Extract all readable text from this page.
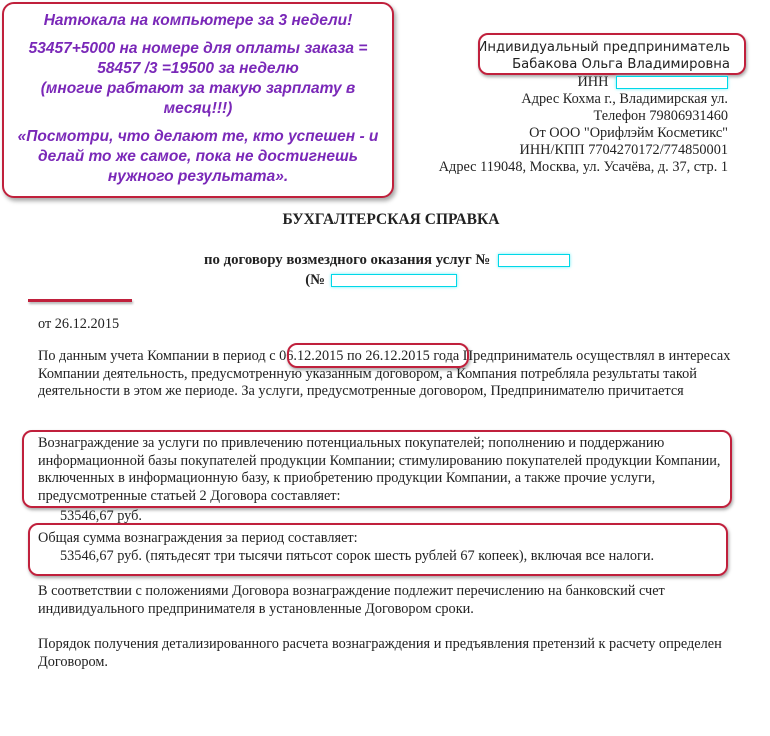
Натюкала на компьютере за 3 недели!

53457+5000 на номере для оплаты заказа = 58457 /3 =19500 за неделю

(многие рабтают за такую зарплату в месяц!!!)

«Посмотри, что делают те, кто успешен - и делай то же самое, пока не достигнешь нужного результата».

Индивидуальный предприниматель
Бабакова Ольга Владимировна
ИНН
Адрес Кохма г., Владимирская ул.
Телефон 79806931460
От ООО "Орифлэйм Косметикс"
ИНН/КПП 7704270172/774850001
Адрес 119048, Москва, ул. Усачёва, д. 37, стр. 1
БУХГАЛТЕРСКАЯ СПРАВКА
по договору возмездного оказания услуг №
(№
от 26.12.2015
По данным учета Компании в период с 06.12.2015 по 26.12.2015 года Предприниматель осуществлял в интересах Компании деятельность, предусмотренную указанным договором, а Компания потребляла результаты такой деятельности в этом же периоде. За услуги, предусмотренные договором, Предпринимателю причитается
Вознаграждение за услуги по привлечению потенциальных покупателей; пополнению и поддержанию информационной базы покупателей продукции Компании; стимулированию покупателей продукции Компании, включенных в информационную базу, к приобретению продукции Компании, а также прочие услуги, предусмотренные статьей 2 Договора составляет:
53546,67 руб.
Общая сумма вознаграждения за период составляет:
53546,67 руб. (пятьдесят три тысячи пятьсот сорок шесть рублей 67 копеек), включая все налоги.
В соответствии с положениями Договора вознаграждение подлежит перечислению на банковский счет индивидуального предпринимателя в установленные Договором сроки.
Порядок получения детализированного расчета вознаграждения и предъявления претензий к расчету определен Договором.
